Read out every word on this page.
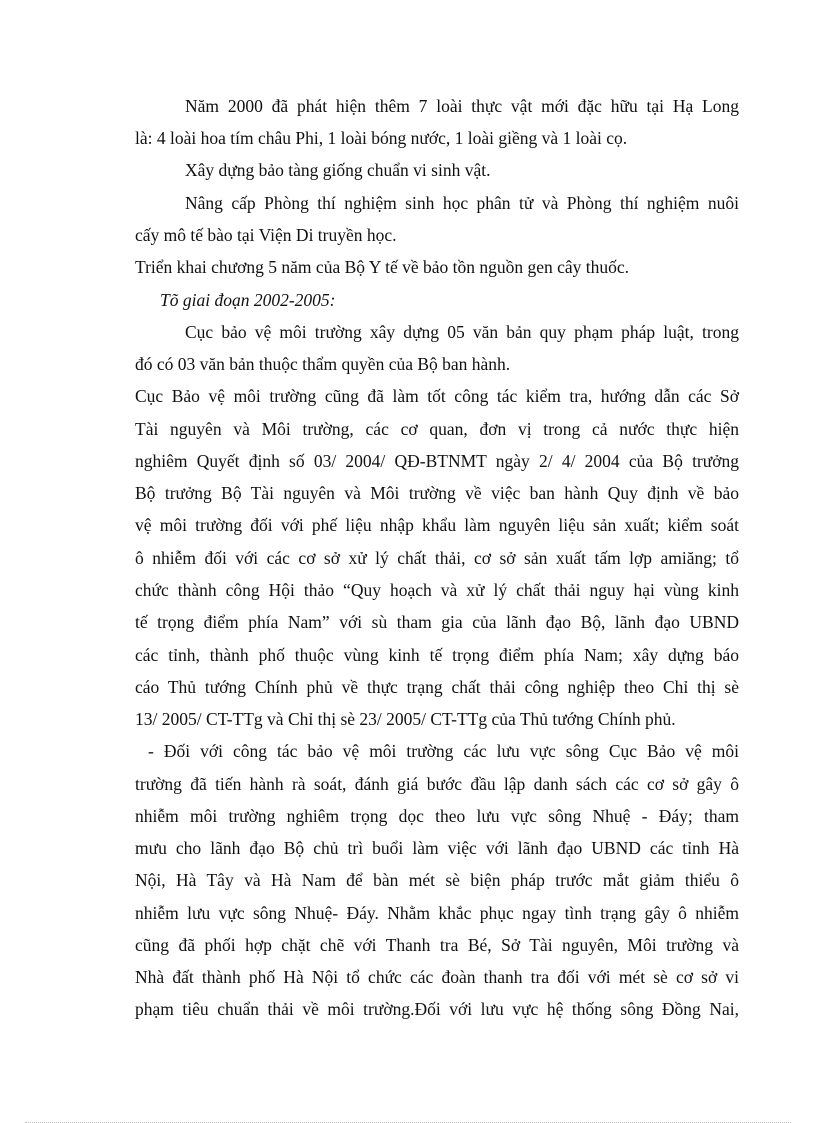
Năm 2000 đã phát hiện thêm 7 loài thực vật mới đặc hữu tại Hạ Long
là: 4 loài hoa tím châu Phi, 1 loài bóng nước, 1 loài giềng và 1 loài cọ.
Xây dựng bảo tàng giống chuẩn vi sinh vật.
Nâng cấp Phòng thí nghiệm sinh học phân tử và Phòng thí nghiệm nuôi
cấy mô tế bào tại Viện Di truyền học.
Triển khai chương 5 năm của Bộ Y tế về bảo tồn nguồn gen cây thuốc.
Tõ giai đoạn 2002-2005:
Cục bảo vệ môi trường xây dựng 05 văn bản quy phạm pháp luật, trong
đó có 03 văn bản thuộc thẩm quyền của Bộ ban hành.
Cục Bảo vệ môi trường cũng đã làm tốt công tác kiểm tra, hướng dẫn các Sở
Tài nguyên và Môi trường, các cơ quan, đơn vị trong cả nước thực hiện
nghiêm Quyết định số 03/ 2004/ QĐ-BTNMT ngày 2/ 4/ 2004 của Bộ trưởng
Bộ trưởng Bộ Tài nguyên và Môi trường về việc ban hành Quy định về bảo
vệ môi trường đối với phế liệu nhập khẩu làm nguyên liệu sản xuất; kiểm soát
ô nhiễm đối với các cơ sở xử lý chất thải, cơ sở sản xuất tấm lợp amiăng; tổ
chức thành công Hội thảo “Quy hoạch và xử lý chất thải nguy hại vùng kinh
tế trọng điểm phía Nam” với sù tham gia của lãnh đạo Bộ, lãnh đạo UBND
các tỉnh, thành phố thuộc vùng kinh tế trọng điểm phía Nam; xây dựng báo
cáo Thủ tướng Chính phủ về thực trạng chất thải công nghiệp theo Chỉ thị sè
13/ 2005/ CT-TTg và Chỉ thị sè 23/ 2005/ CT-TTg của Thủ tướng Chính phủ.
- Đối với công tác bảo vệ môi trường các lưu vực sông Cục Bảo vệ môi
trường đã tiến hành rà soát, đánh giá bước đầu lập danh sách các cơ sở gây ô
nhiễm môi trường nghiêm trọng dọc theo lưu vực sông Nhuệ - Đáy; tham
mưu cho lãnh đạo Bộ chủ trì buổi làm việc với lãnh đạo UBND các tỉnh Hà
Nội, Hà Tây và Hà Nam để bàn mét sè biện pháp trước mắt giảm thiểu ô
nhiễm lưu vực sông Nhuệ- Đáy. Nhằm khắc phục ngay tình trạng gây ô nhiễm
cũng đã phối hợp chặt chẽ với Thanh tra Bé, Sở Tài nguyên, Môi trường và
Nhà đất thành phố Hà Nội tổ chức các đoàn thanh tra đối với mét sè cơ sở vi
phạm tiêu chuẩn thải về môi trường.Đối với lưu vực hệ thống sông Đồng Nai,
